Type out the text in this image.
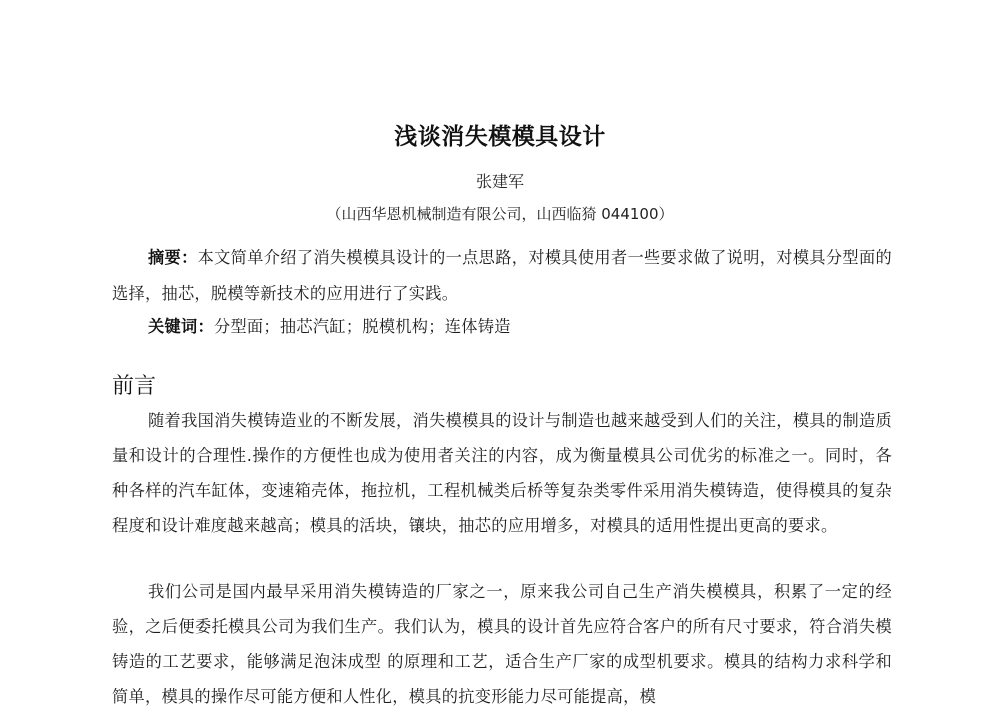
浅谈消失模模具设计
张建军
（山西华恩机械制造有限公司，山西临猗 044100）
摘要：本文简单介绍了消失模模具设计的一点思路，对模具使用者一些要求做了说明，对模具分型面的选择，抽芯，脱模等新技术的应用进行了实践。
关键词：分型面；抽芯汽缸；脱模机构；连体铸造
前言
随着我国消失模铸造业的不断发展，消失模模具的设计与制造也越来越受到人们的关注，模具的制造质量和设计的合理性.操作的方便性也成为使用者关注的内容，成为衡量模具公司优劣的标准之一。同时，各种各样的汽车缸体，变速箱壳体，拖拉机，工程机械类后桥等复杂类零件采用消失模铸造，使得模具的复杂程度和设计难度越来越高；模具的活块，镶块，抽芯的应用增多，对模具的适用性提出更高的要求。
我们公司是国内最早采用消失模铸造的厂家之一，原来我公司自己生产消失模模具，积累了一定的经验，之后便委托模具公司为我们生产。我们认为，模具的设计首先应符合客户的所有尺寸要求，符合消失模铸造的工艺要求，能够满足泡沫成型 的原理和工艺，适合生产厂家的成型机要求。模具的结构力求科学和简单，模具的操作尽可能方便和人性化，模具的抗变形能力尽可能提高，模
